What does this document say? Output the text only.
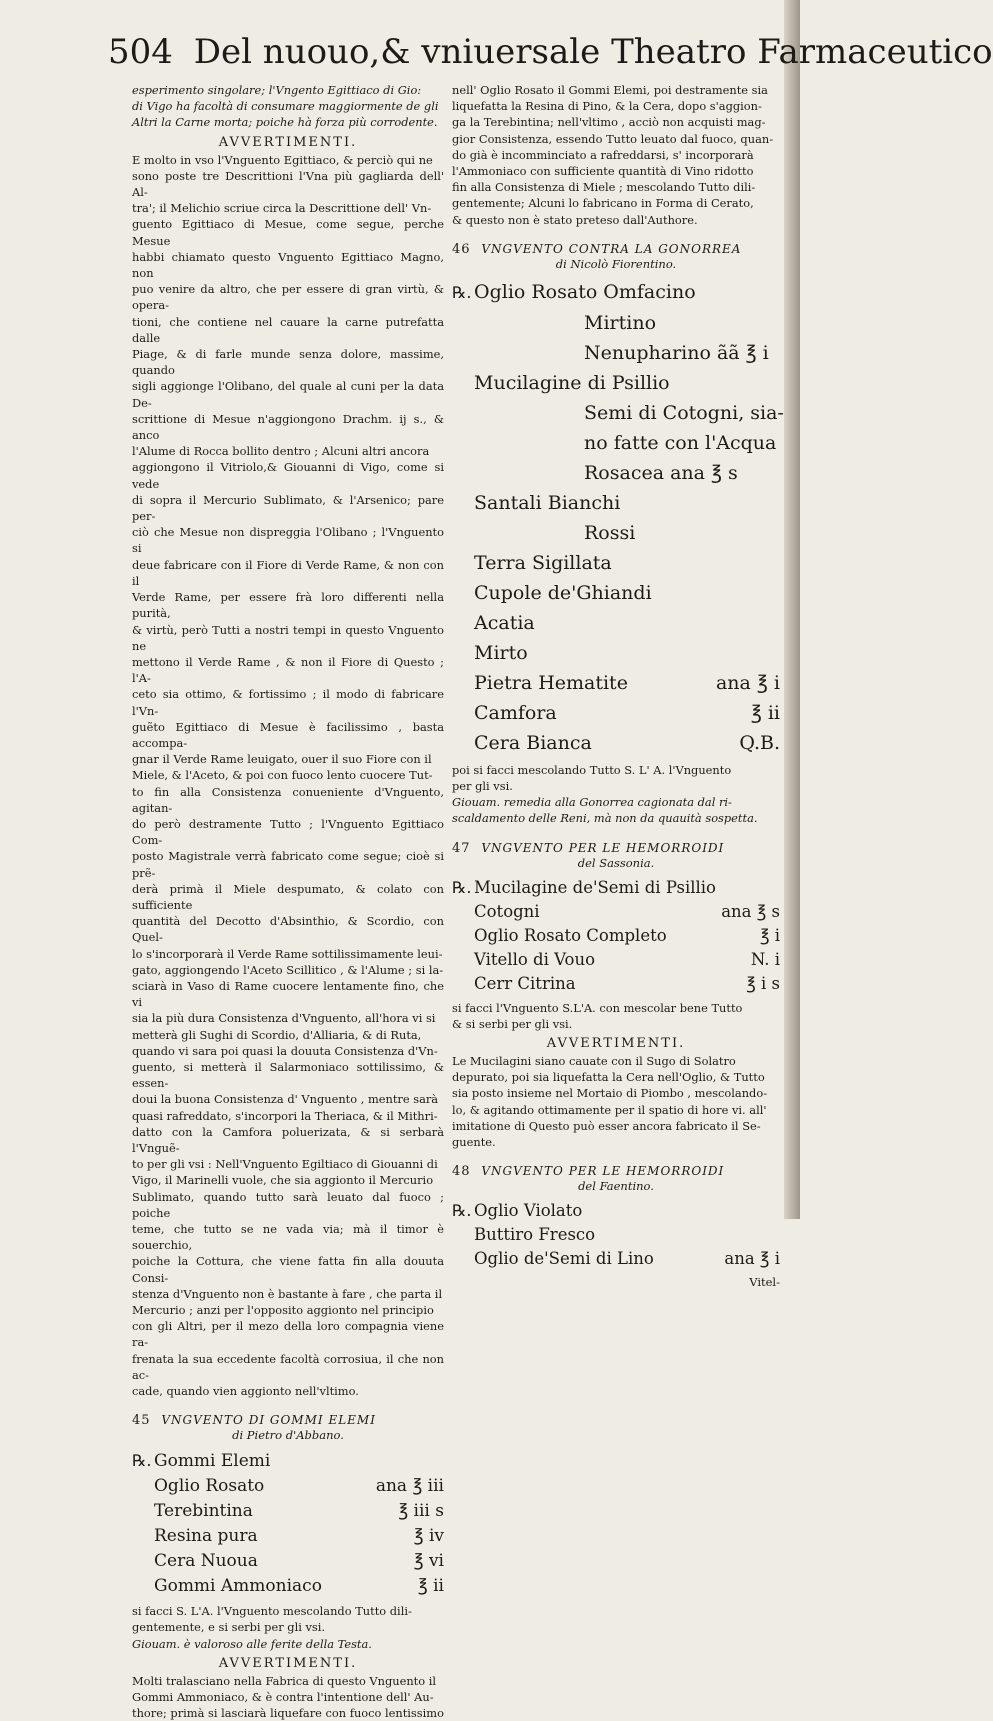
504 Del nuouo,& vniuersale Theatro Farmaceutico

esperimento singolare; l'Vngento Egittiaco di Gio:

di Vigo ha facoltà di consumare maggiormente de gli

Altri la Carne morta; poiche hà forza più corrodente.

AVVERTIMENTI.

E molto in vso l'Vnguento Egittiaco, & perciò qui ne

sono poste tre Descrittioni l'Vna più gagliarda dell' Al-

tra'; il Melichio scriue circa la Descrittione dell' Vn-

guento Egittiaco di Mesue, come segue, perche Mesue

habbi chiamato questo Vnguento Egittiaco Magno, non

puo venire da altro, che per essere di gran virtù, & opera-

tioni, che contiene nel cauare la carne putrefatta dalle

Piage, & di farle munde senza dolore, massime, quando

sigli aggionge l'Olibano, del quale al cuni per la data De-

scrittione di Mesue n'aggiongono Drachm. ij s., & anco

l'Alume di Rocca bollito dentro ; Alcuni altri ancora

aggiongono il Vitriolo,& Giouanni di Vigo, come si vede

di sopra il Mercurio Sublimato, & l'Arsenico; pare per-

ciò che Mesue non dispreggia l'Olibano ; l'Vnguento si

deue fabricare con il Fiore di Verde Rame, & non con il

Verde Rame, per essere frà loro differenti nella purità,

& virtù, però Tutti a nostri tempi in questo Vnguento ne

mettono il Verde Rame , & non il Fiore di Questo ; l'A-

ceto sia ottimo, & fortissimo ; il modo di fabricare l'Vn-

guẽto Egittiaco di Mesue è facilissimo , basta accompa-

gnar il Verde Rame leuigato, ouer il suo Fiore con il

Miele, & l'Aceto, & poi con fuoco lento cuocere Tut-

to fin alla Consistenza conueniente d'Vnguento, agitan-

do però destramente Tutto ; l'Vnguento Egittiaco Com-

posto Magistrale verrà fabricato come segue; cioè si prẽ-

derà primà il Miele despumato, & colato con sufficiente

quantità del Decotto d'Absinthio, & Scordio, con Quel-

lo s'incorporarà il Verde Rame sottilissimamente leui-

gato, aggiongendo l'Aceto Scillitico , & l'Alume ; si la-

sciarà in Vaso di Rame cuocere lentamente fino, che vi

sia la più dura Consistenza d'Vnguento, all'hora vi si

metterà gli Sughi di Scordio, d'Alliaria, & di Ruta,

quando vi sara poi quasi la douuta Consistenza d'Vn-

guento, si metterà il Salarmoniaco sottilissimo, & essen-

doui la buona Consistenza d' Vnguento , mentre sarà

quasi rafreddato, s'incorpori la Theriaca, & il Mithri-

datto con la Camfora poluerizata, & si serbarà l'Vnguẽ-

to per gli vsi : Nell'Vnguento Egiltiaco di Giouanni di

Vigo, il Marinelli vuole, che sia aggionto il Mercurio

Sublimato, quando tutto sarà leuato dal fuoco ; poiche

teme, che tutto se ne vada via; mà il timor è souerchio,

poiche la Cottura, che viene fatta fin alla douuta Consi-

stenza d'Vnguento non è bastante à fare , che parta il

Mercurio ; anzi per l'opposito aggionto nel principio

con gli Altri, per il mezo della loro compagnia viene ra-

frenata la sua eccedente facoltà corrosiua, il che non ac-

cade, quando vien aggionto nell'vltimo.

45 VNGVENTO DI GOMMI ELEMI
di Pietro d'Abbano.
℞. Gommi Elemi
Oglio Rosato	ana ℥ iii
Terebintina	℥ iii s
Resina pura	℥ iv
Cera Nuoua	℥ vi
Gommi Ammoniaco	℥ ii

si facci S. L'A. l'Vnguento mescolando Tutto dili-

gentemente, e si serbi per gli vsi.

Giouam. è valoroso alle ferite della Testa.

AVVERTIMENTI.

Molti tralasciano nella Fabrica di questo Vnguento il

Gommi Ammoniaco, & è contra l'intentione dell' Au-

thore; primà si lasciarà liquefare con fuoco lentissimo

nell' Oglio Rosato il Gommi Elemi, poi destramente sia

liquefatta la Resina di Pino, & la Cera, dopo s'aggion-

ga la Terebintina; nell'vltimo , acciò non acquisti mag-

gior Consistenza, essendo Tutto leuato dal fuoco, quan-

do già è incomminciato a rafreddarsi, s' incorporarà

l'Ammoniaco con sufficiente quantità di Vino ridotto

fin alla Consistenza di Miele ; mescolando Tutto dili-

gentemente; Alcuni lo fabricano in Forma di Cerato,

& questo non è stato preteso dall'Authore.

46 VNGVENTO CONTRA LA GONORREA
di Nicolò Fiorentino.
℞. Oglio Rosato Omfacino
Mirtino
Nenupharino ãã ℥ i
Mucilagine di Psillio
Semi di Cotogni, sia-
no fatte con l'Acqua
Rosacea ana ℥ s
Santali Bianchi
Rossi
Terra Sigillata
Cupole de'Ghiandi
Acatia
Mirto
Pietra Hematite	ana ℥ i
Camfora	℥ ii
Cera Bianca	Q.B.

poi si facci mescolando Tutto S. L' A. l'Vnguento

per gli vsi.

Giouam. remedia alla Gonorrea cagionata dal ri-

scaldamento delle Reni, mà non da quauità sospetta.

47 VNGVENTO PER LE HEMORROIDI
del Sassonia.
℞. Mucilagine de'Semi di Psillio
Cotogni	ana ℥ s
Oglio Rosato Completo	℥ i
Vitello di Vouo	N. i
Cerr Citrina	℥ i s

si facci l'Vnguento S.L'A. con mescolar bene Tutto

& si serbi per gli vsi.

AVVERTIMENTI.

Le Mucilagini siano cauate con il Sugo di Solatro

depurato, poi sia liquefatta la Cera nell'Oglio, & Tutto

sia posto insieme nel Mortaio di Piombo , mescolando-

lo, & agitando ottimamente per il spatio di hore vi. all'

imitatione di Questo può esser ancora fabricato il Se-

guente.

48 VNGVENTO PER LE HEMORROIDI
del Faentino.
℞. Oglio Violato
Buttiro Fresco
Oglio de'Semi di Lino	ana ℥ i
Vitel-
